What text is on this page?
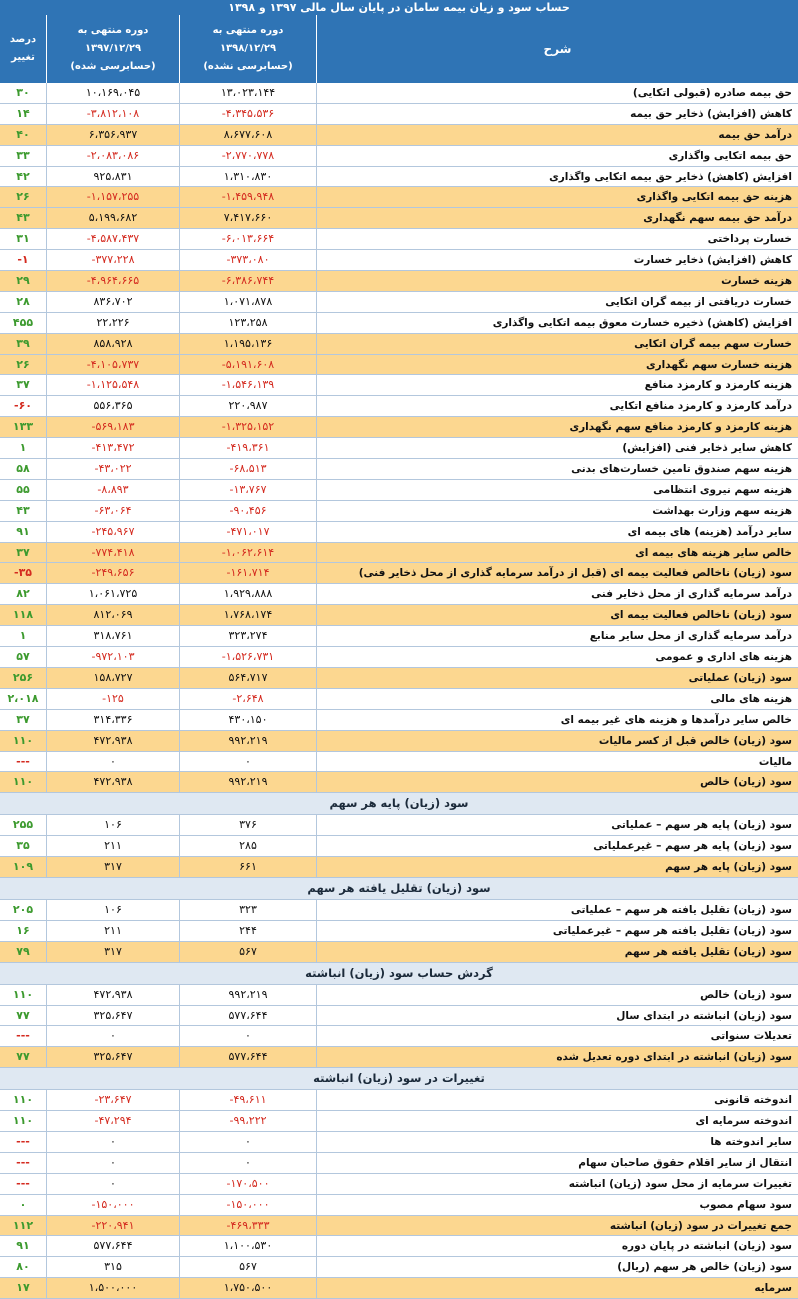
حساب سود و زیان بیمه سامان در پایان سال مالی ۱۳۹۷ و ۱۳۹۸
درصد تغییر
دوره منتهی به
۱۳۹۷/۱۲/۲۹
(حسابرسی شده)
دوره منتهی به
۱۳۹۸/۱۲/۲۹
(حسابرسی نشده)
شرح
۳۰	۱۰،۱۶۹،۰۴۵	۱۳،۰۲۳،۱۴۴	حق بیمه صادره (قبولی اتکایی)
۱۴	-۳،۸۱۲،۱۰۸	-۴،۳۴۵،۵۳۶	کاهش (افزایش) ذخایر حق بیمه
۴۰	۶،۳۵۶،۹۳۷	۸،۶۷۷،۶۰۸	درآمد حق بیمه
۳۳	-۲،۰۸۳،۰۸۶	-۲،۷۷۰،۷۷۸	حق بیمه اتکایی واگذاری
۴۲	۹۲۵،۸۳۱	۱،۳۱۰،۸۳۰	افزایش (کاهش) ذخایر حق بیمه اتکایی واگذاری
۲۶	-۱،۱۵۷،۲۵۵	-۱،۴۵۹،۹۴۸	هزینه حق بیمه اتکایی واگذاری
۴۳	۵،۱۹۹،۶۸۲	۷،۴۱۷،۶۶۰	درآمد حق بیمه سهم نگهداری
۳۱	-۴،۵۸۷،۴۳۷	-۶،۰۱۳،۶۶۴	خسارت پرداختی
-۱	-۳۷۷،۲۲۸	-۳۷۳،۰۸۰	کاهش (افزایش) ذخایر خسارت
۲۹	-۴،۹۶۴،۶۶۵	-۶،۳۸۶،۷۴۴	هزینه خسارت
۲۸	۸۳۶،۷۰۲	۱،۰۷۱،۸۷۸	خسارت دریافتی از بیمه گران اتکایی
۴۵۵	۲۲،۲۲۶	۱۲۳،۲۵۸	افزایش (کاهش) ذخیره خسارت معوق بیمه اتکایی واگذاری
۳۹	۸۵۸،۹۲۸	۱،۱۹۵،۱۳۶	خسارت سهم بیمه گران اتکایی
۲۶	-۴،۱۰۵،۷۳۷	-۵،۱۹۱،۶۰۸	هزینه خسارت سهم نگهداری
۳۷	-۱،۱۲۵،۵۴۸	-۱،۵۴۶،۱۳۹	هزینه کارمزد و کارمزد منافع
-۶۰	۵۵۶،۳۶۵	۲۲۰،۹۸۷	درآمد کارمزد و کارمزد منافع اتکایی
۱۳۳	-۵۶۹،۱۸۳	-۱،۳۲۵،۱۵۲	هزینه کارمزد و کارمزد منافع سهم نگهداری
۱	-۴۱۳،۴۷۲	-۴۱۹،۳۶۱	کاهش سایر ذخایر فنی (افزایش)
۵۸	-۴۳،۰۲۲	-۶۸،۵۱۳	هزینه سهم صندوق تامین خسارت‌های بدنی
۵۵	-۸،۸۹۳	-۱۳،۷۶۷	هزینه سهم نیروی انتظامی
۴۳	-۶۳،۰۶۴	-۹۰،۴۵۶	هزینه سهم وزارت بهداشت
۹۱	-۲۴۵،۹۶۷	-۴۷۱،۰۱۷	سایر درآمد (هزینه) های بیمه ای
۳۷	-۷۷۴،۴۱۸	-۱،۰۶۲،۶۱۴	خالص سایر هزینه های بیمه ای
-۳۵	-۲۴۹،۶۵۶	-۱۶۱،۷۱۴	سود (زیان) ناخالص فعالیت بیمه ای (قبل از درآمد سرمایه گذاری از محل ذخایر فنی)
۸۲	۱،۰۶۱،۷۲۵	۱،۹۲۹،۸۸۸	درآمد سرمایه گذاری از محل ذخایر فنی
۱۱۸	۸۱۲،۰۶۹	۱،۷۶۸،۱۷۴	سود (زیان) ناخالص فعالیت بیمه ای
۱	۳۱۸،۷۶۱	۳۲۳،۲۷۴	درآمد سرمایه گذاری از محل سایر منابع
۵۷	-۹۷۲،۱۰۳	-۱،۵۲۶،۷۳۱	هزینه های اداری و عمومی
۲۵۶	۱۵۸،۷۲۷	۵۶۴،۷۱۷	سود (زیان) عملیاتی
۲،۰۱۸	-۱۲۵	-۲،۶۴۸	هزینه های مالی
۳۷	۳۱۴،۳۳۶	۴۳۰،۱۵۰	خالص سایر درآمدها و هزینه های غیر بیمه ای
۱۱۰	۴۷۲،۹۳۸	۹۹۲،۲۱۹	سود (زیان) خالص قبل از کسر مالیات
---	۰	۰	مالیات
۱۱۰	۴۷۲،۹۳۸	۹۹۲،۲۱۹	سود (زیان) خالص
سود (زیان) پایه هر سهم
۲۵۵	۱۰۶	۳۷۶	سود (زیان) پایه هر سهم – عملیاتی
۳۵	۲۱۱	۲۸۵	سود (زیان) پایه هر سهم – غیرعملیاتی
۱۰۹	۳۱۷	۶۶۱	سود (زیان) پایه هر سهم
سود (زیان) تقلیل یافته هر سهم
۲۰۵	۱۰۶	۳۲۳	سود (زیان) تقلیل یافته هر سهم – عملیاتی
۱۶	۲۱۱	۲۴۴	سود (زیان) تقلیل یافته هر سهم – غیرعملیاتی
۷۹	۳۱۷	۵۶۷	سود (زیان) تقلیل یافته هر سهم
گردش حساب سود (زیان) انباشته
۱۱۰	۴۷۲،۹۳۸	۹۹۲،۲۱۹	سود (زیان) خالص
۷۷	۳۲۵،۶۴۷	۵۷۷،۶۴۴	سود (زیان) انباشته در ابتدای سال
---	۰	۰	تعدیلات سنواتی
۷۷	۳۲۵،۶۴۷	۵۷۷،۶۴۴	سود (زیان) انباشته در ابتدای دوره تعدیل شده
تغییرات در سود (زیان) انباشته
۱۱۰	-۲۳،۶۴۷	-۴۹،۶۱۱	اندوخته قانونی
۱۱۰	-۴۷،۲۹۴	-۹۹،۲۲۲	اندوخته سرمایه ای
---	۰	۰	سایر اندوخته ها
---	۰	۰	انتقال از سایر اقلام حقوق صاحبان سهام
---	۰	-۱۷۰،۵۰۰	تغییرات سرمایه از محل سود (زیان) انباشته
۰	-۱۵۰،۰۰۰	-۱۵۰،۰۰۰	سود سهام مصوب
۱۱۲	-۲۲۰،۹۴۱	-۴۶۹،۳۳۳	جمع تغییرات در سود (زیان) انباشته
۹۱	۵۷۷،۶۴۴	۱،۱۰۰،۵۳۰	سود (زیان) انباشته در پایان دوره
۸۰	۳۱۵	۵۶۷	سود (زیان) خالص هر سهم (ریال)
۱۷	۱،۵۰۰،۰۰۰	۱،۷۵۰،۵۰۰	سرمایه
